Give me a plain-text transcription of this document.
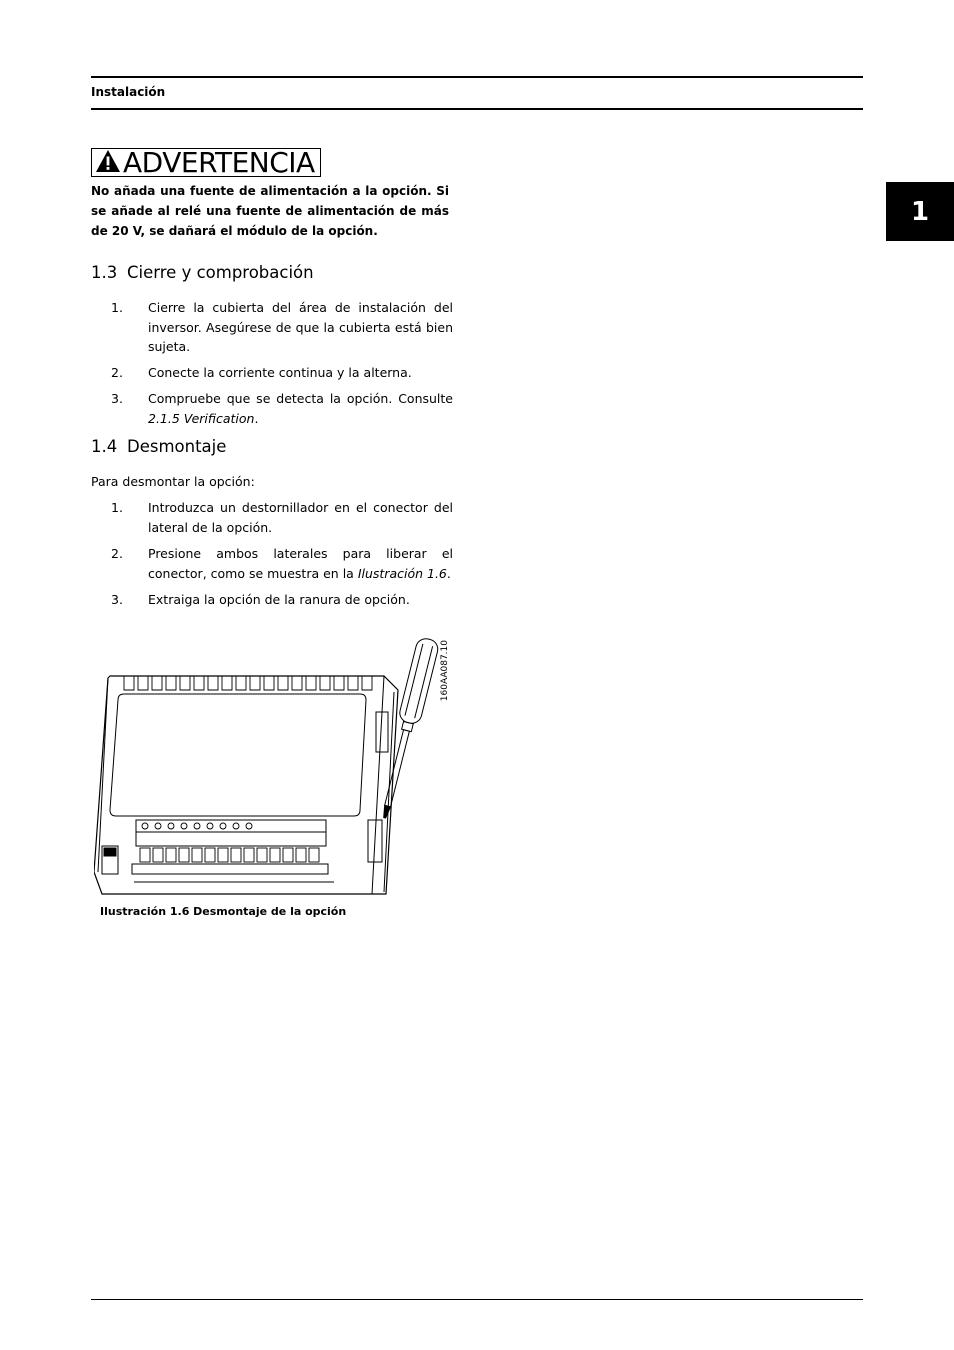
Instalación
1
ADVERTENCIA
No añada una fuente de alimentación a la opción. Si se añade al relé una fuente de alimentación de más de 20 V, se dañará el módulo de la opción.
1.3 Cierre y comprobación
1. Cierre la cubierta del área de instalación del inversor. Asegúrese de que la cubierta está bien sujeta.
2. Conecte la corriente continua y la alterna.
3. Compruebe que se detecta la opción. Consulte 2.1.5 Verification.
1.4 Desmontaje
Para desmontar la opción:
1. Introduzca un destornillador en el conector del lateral de la opción.
2. Presione ambos laterales para liberar el conector, como se muestra en la Ilustración 1.6.
3. Extraiga la opción de la ranura de opción.
160AA087.10
Ilustración 1.6 Desmontaje de la opción
